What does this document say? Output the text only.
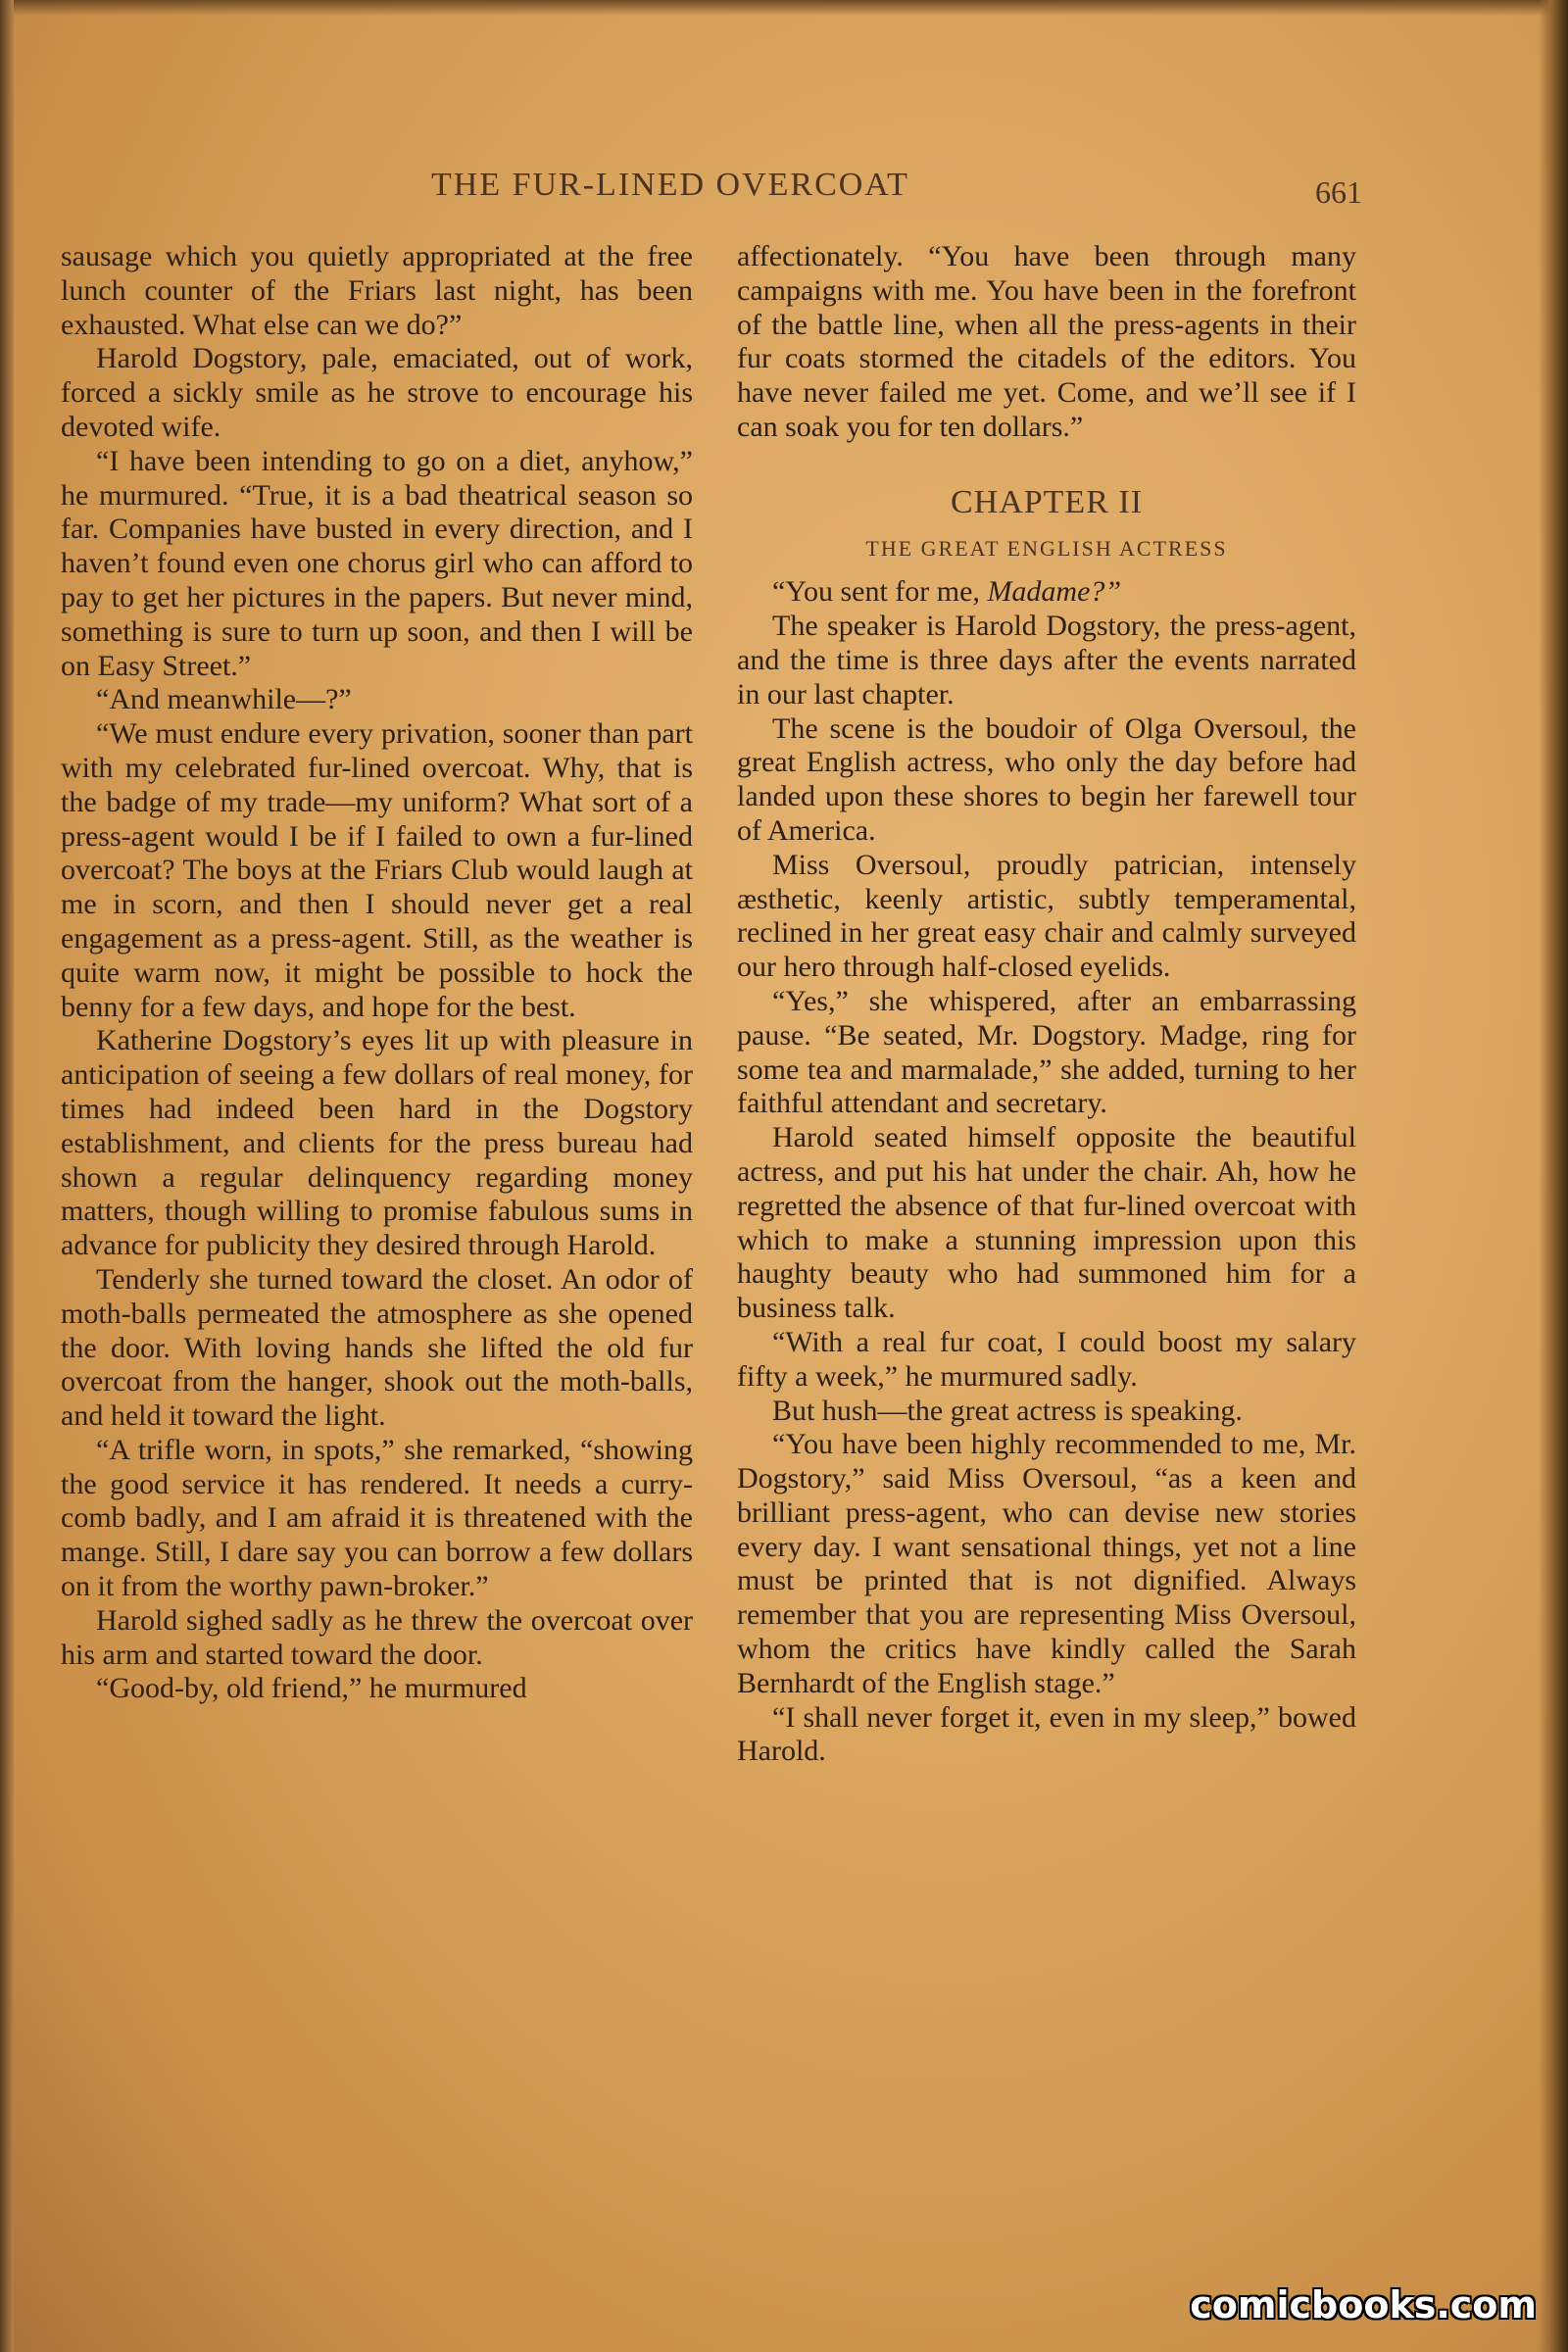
THE FUR-LINED OVERCOAT	661

sausage which you quietly appropriated at the free lunch counter of the Friars last night, has been exhausted. What else can we do?”

Harold Dogstory, pale, emaciated, out of work, forced a sickly smile as he strove to encourage his devoted wife.

“I have been intending to go on a diet, anyhow,” he murmured. “True, it is a bad theatrical season so far. Companies have busted in every direction, and I haven’t found even one chorus girl who can afford to pay to get her pictures in the papers. But never mind, something is sure to turn up soon, and then I will be on Easy Street.”

“And meanwhile—?”

“We must endure every privation, sooner than part with my celebrated fur-lined overcoat. Why, that is the badge of my trade—my uniform? What sort of a press-agent would I be if I failed to own a fur-lined overcoat? The boys at the Friars Club would laugh at me in scorn, and then I should never get a real engagement as a press-agent. Still, as the weather is quite warm now, it might be possible to hock the benny for a few days, and hope for the best.

Katherine Dogstory’s eyes lit up with pleasure in anticipation of seeing a few dollars of real money, for times had indeed been hard in the Dogstory establishment, and clients for the press bureau had shown a regular delinquency regarding money matters, though willing to promise fabulous sums in advance for publicity they desired through Harold.

Tenderly she turned toward the closet. An odor of moth-balls permeated the atmosphere as she opened the door. With loving hands she lifted the old fur overcoat from the hanger, shook out the moth-balls, and held it toward the light.

“A trifle worn, in spots,” she remarked, “showing the good service it has rendered. It needs a curry-comb badly, and I am afraid it is threatened with the mange. Still, I dare say you can borrow a few dollars on it from the worthy pawn-broker.”

Harold sighed sadly as he threw the overcoat over his arm and started toward the door.

“Good-by, old friend,” he murmured

affectionately. “You have been through many campaigns with me. You have been in the forefront of the battle line, when all the press-agents in their fur coats stormed the citadels of the editors. You have never failed me yet. Come, and we’ll see if I can soak you for ten dollars.”

CHAPTER II
THE GREAT ENGLISH ACTRESS

“You sent for me, Madame?”

The speaker is Harold Dogstory, the press-agent, and the time is three days after the events narrated in our last chapter.

The scene is the boudoir of Olga Oversoul, the great English actress, who only the day before had landed upon these shores to begin her farewell tour of America.

Miss Oversoul, proudly patrician, intensely æsthetic, keenly artistic, subtly temperamental, reclined in her great easy chair and calmly surveyed our hero through half-closed eyelids.

“Yes,” she whispered, after an embarrassing pause. “Be seated, Mr. Dogstory. Madge, ring for some tea and marmalade,” she added, turning to her faithful attendant and secretary.

Harold seated himself opposite the beautiful actress, and put his hat under the chair. Ah, how he regretted the absence of that fur-lined overcoat with which to make a stunning impression upon this haughty beauty who had summoned him for a business talk.

“With a real fur coat, I could boost my salary fifty a week,” he murmured sadly.

But hush—the great actress is speaking.

“You have been highly recommended to me, Mr. Dogstory,” said Miss Oversoul, “as a keen and brilliant press-agent, who can devise new stories every day. I want sensational things, yet not a line must be printed that is not dignified. Always remember that you are representing Miss Oversoul, whom the critics have kindly called the Sarah Bernhardt of the English stage.”

“I shall never forget it, even in my sleep,” bowed Harold.

comicbooks.com
